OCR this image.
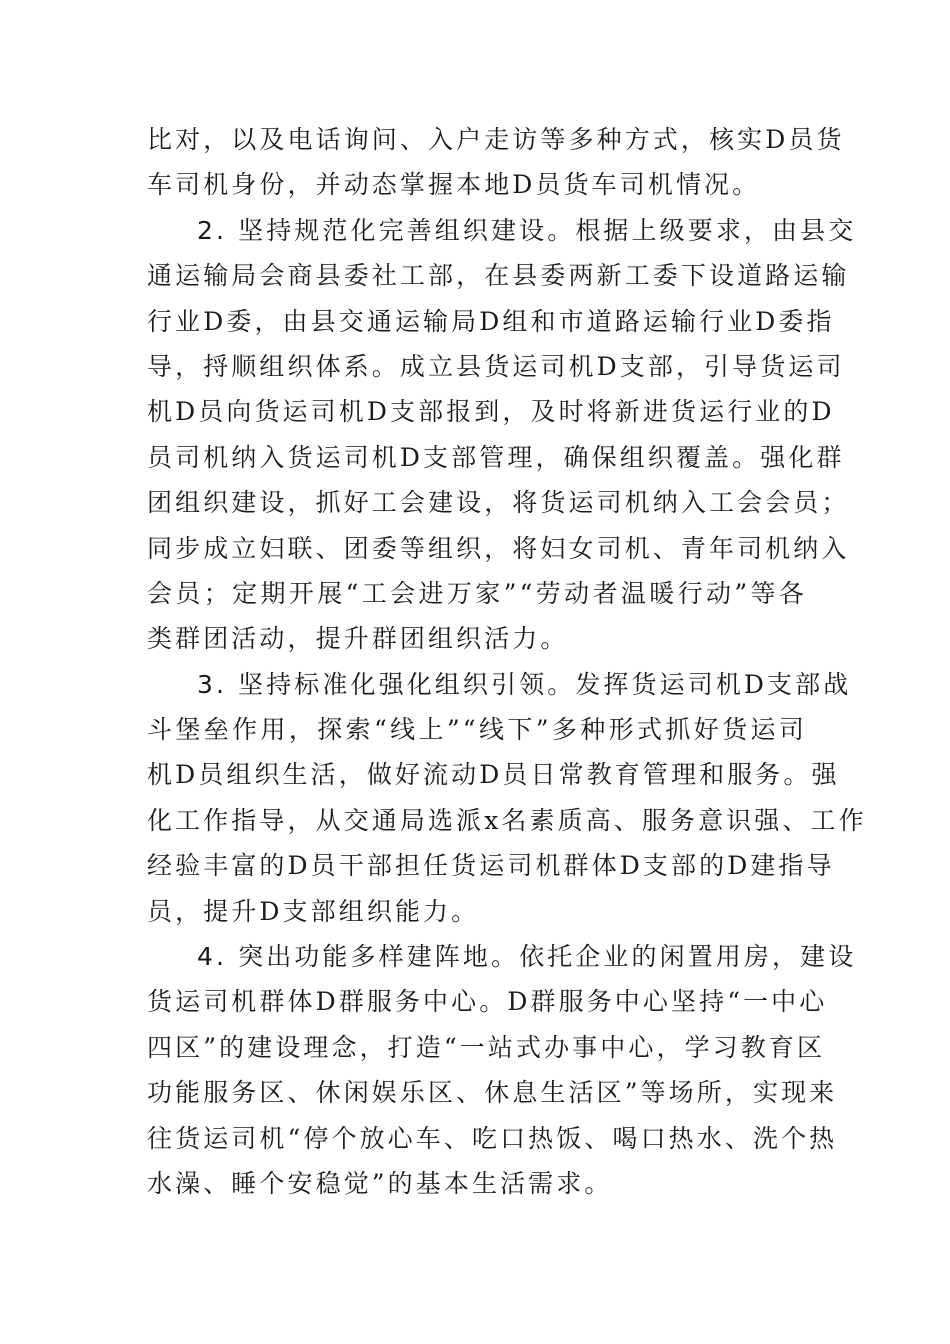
比对，以及电话询问、入户走访等多种方式，核实D员货
车司机身份，并动态掌握本地D员货车司机情况。
2. 坚持规范化完善组织建设。根据上级要求，由县交
通运输局会商县委社工部，在县委两新工委下设道路运输
行业D委，由县交通运输局D组和市道路运输行业D委指
导，捋顺组织体系。成立县货运司机D支部，引导货运司
机D员向货运司机D支部报到，及时将新进货运行业的D
员司机纳入货运司机D支部管理，确保组织覆盖。强化群
团组织建设，抓好工会建设，将货运司机纳入工会会员；
同步成立妇联、团委等组织，将妇女司机、青年司机纳入
会员；定期开展“工会进万家”“劳动者温暖行动”等各
类群团活动，提升群团组织活力。
3. 坚持标准化强化组织引领。发挥货运司机D支部战
斗堡垒作用，探索“线上”“线下”多种形式抓好货运司
机D员组织生活，做好流动D员日常教育管理和服务。强
化工作指导，从交通局选派x名素质高、服务意识强、工作
经验丰富的D员干部担任货运司机群体D支部的D建指导
员，提升D支部组织能力。
4. 突出功能多样建阵地。依托企业的闲置用房，建设
货运司机群体D群服务中心。D群服务中心坚持“一中心
四区”的建设理念，打造“一站式办事中心，学习教育区
功能服务区、休闲娱乐区、休息生活区”等场所，实现来
往货运司机“停个放心车、吃口热饭、喝口热水、洗个热
水澡、睡个安稳觉”的基本生活需求。
